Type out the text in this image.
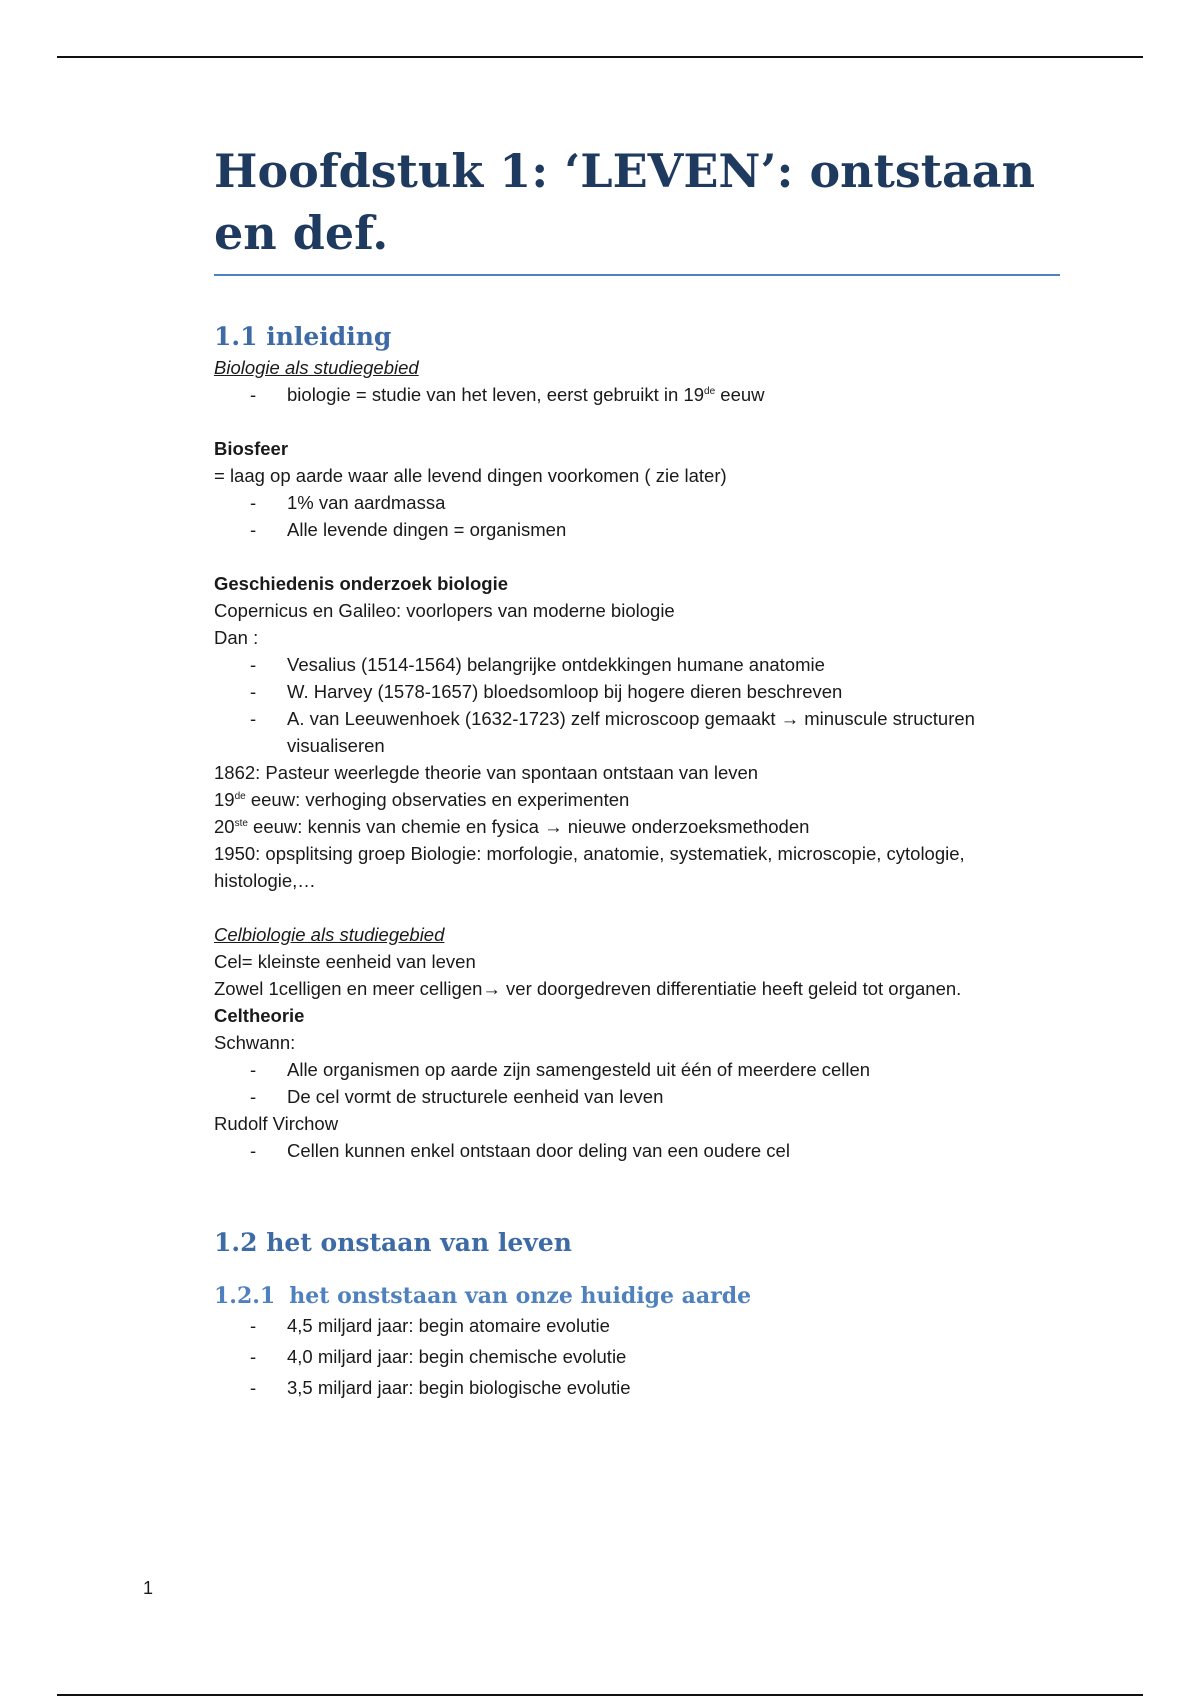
Hoofdstuk 1: ‘LEVEN’: ontstaan en def.
1.1 inleiding

Biologie als studiegebied

- biologie = studie van het leven, eerst gebruikt in 19de eeuw

Biosfeer

= laag op aarde waar alle levend dingen voorkomen ( zie later)

- 1% van aardmassa
- Alle levende dingen = organismen

Geschiedenis onderzoek biologie

Copernicus en Galileo: voorlopers van moderne biologie

Dan :

- Vesalius (1514-1564) belangrijke ontdekkingen humane anatomie
- W. Harvey (1578-1657) bloedsomloop bij hogere dieren beschreven
- A. van Leeuwenhoek (1632-1723) zelf microscoop gemaakt → minuscule structuren visualiseren

1862: Pasteur weerlegde theorie van spontaan ontstaan van leven

19de eeuw: verhoging observaties en experimenten

20ste eeuw: kennis van chemie en fysica → nieuwe onderzoeksmethoden

1950: opsplitsing groep Biologie: morfologie, anatomie, systematiek, microscopie, cytologie, histologie,…

Celbiologie als studiegebied

Cel= kleinste eenheid van leven

Zowel 1celligen en meer celligen→ ver doorgedreven differentiatie heeft geleid tot organen.

Celtheorie

Schwann:

- Alle organismen op aarde zijn samengesteld uit één of meerdere cellen
- De cel vormt de structurele eenheid van leven

Rudolf Virchow

- Cellen kunnen enkel ontstaan door deling van een oudere cel
1.2 het onstaan van leven
1.2.1 het onststaan van onze huidige aarde
- 4,5 miljard jaar: begin atomaire evolutie
- 4,0 miljard jaar: begin chemische evolutie
- 3,5 miljard jaar: begin biologische evolutie
1
